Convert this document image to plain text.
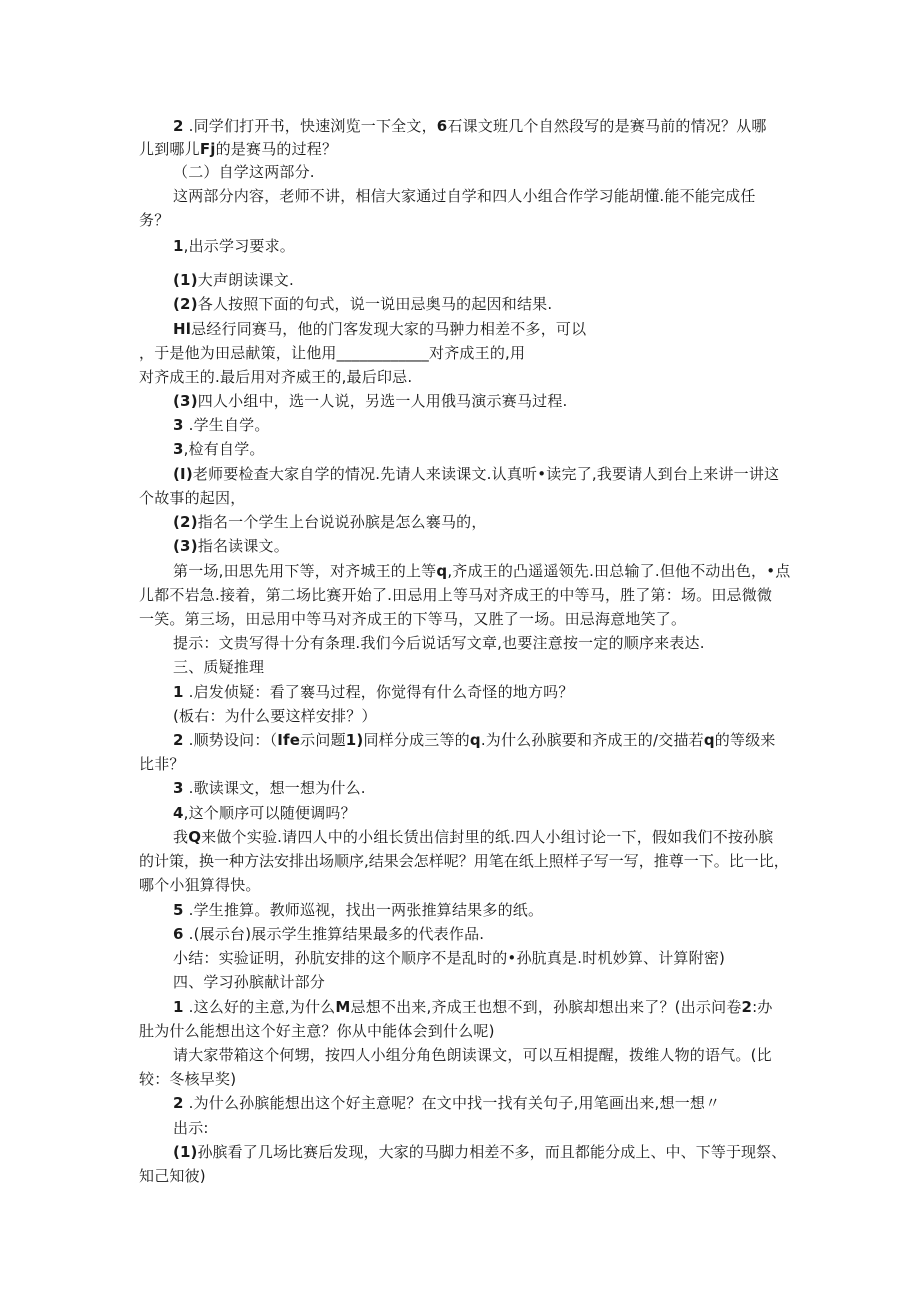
2 .同学们打开书，快速浏览一下全文，6石课文班几个自然段写的是赛马前的情况？从哪
儿到哪儿Fj的是赛马的过程？
（二）自学这两部分.
这两部分内容，老师不讲，相信大家通过自学和四人小组合作学习能胡懂.能不能完成任
务？
1,出示学习要求。
(1)大声朗读课文.
(2)各人按照下面的句式，说一说田忌奥马的起因和结果.
Hl忌经行同赛马，他的门客发现大家的马翀力相差不多，可以
，于是他为田忌献策，让他用____________对齐成王的,用
对齐成王的.最后用对齐威王的,最后印忌.
(3)四人小组中，选一人说，另选一人用俄马演示赛马过程.
3 .学生自学。
3,检有自学。
(I)老师要检查大家自学的情况.先请人来读课文.认真听•读完了,我要请人到台上来讲一讲这
个故事的起因，
(2)指名一个学生上台说说孙膑是怎么褰马的，
(3)指名读课文。
第一场,田思先用下等，对齐城王的上等q,齐成王的凸遥遥领先.田总输了.但他不动出色，•点
儿都不岩急.接着，第二场比赛开始了.田忌用上等马对齐成王的中等马，胜了第：场。田忌微微
一笑。第三场，田忌用中等马对齐成王的下等马，又胜了一场。田忌海意地笑了。
提示：文贵写得十分有条理.我们今后说话写文章,也要注意按一定的顺序来表达.
三、质疑推理
1 .启发侦疑：看了褰马过程，你觉得有什么奇怪的地方吗？
(板右：为什么要这样安排？）
2 .顺势设问：（Ife示问题1)同样分成三等的q.为什么孙膑要和齐成王的/交描若q的等级来
比非？
3 .歌读课文，想一想为什么.
4,这个顺序可以随便调吗？
我Q来做个实验.请四人中的小组长赁出信封里的纸.四人小组讨论一下，假如我们不按孙膑
的计策，换一种方法安排出场顺序,结果会怎样呢？用笔在纸上照样子写一写，推尊一下。比一比，
哪个小狙算得快。
5 .学生推算。教师巡视，找出一两张推算结果多的纸。
6 .(展示台)展示学生推算结果最多的代表作品.
小结：实验证明，孙肮安排的这个顺序不是乱时的•孙肮真是.时机妙算、计算附密)
四、学习孙膑献计部分
1 .这么好的主意,为什么M忌想不出来,齐成王也想不到，孙膑却想出来了？(出示问卷2:办
肚为什么能想出这个好主意？你从中能体会到什么呢)
请大家带箱这个何甥，按四人小组分角色朗读课文，可以互相提醒，拨维人物的语气。(比
较：冬核早奖)
2 .为什么孙膑能想出这个好主意呢？在文中找一找有关句子,用笔画出来,想一想〃
出示:
(1)孙膑看了几场比赛后发现，大家的马脚力相差不多，而且都能分成上、中、下等于现祭、
知己知彼)
